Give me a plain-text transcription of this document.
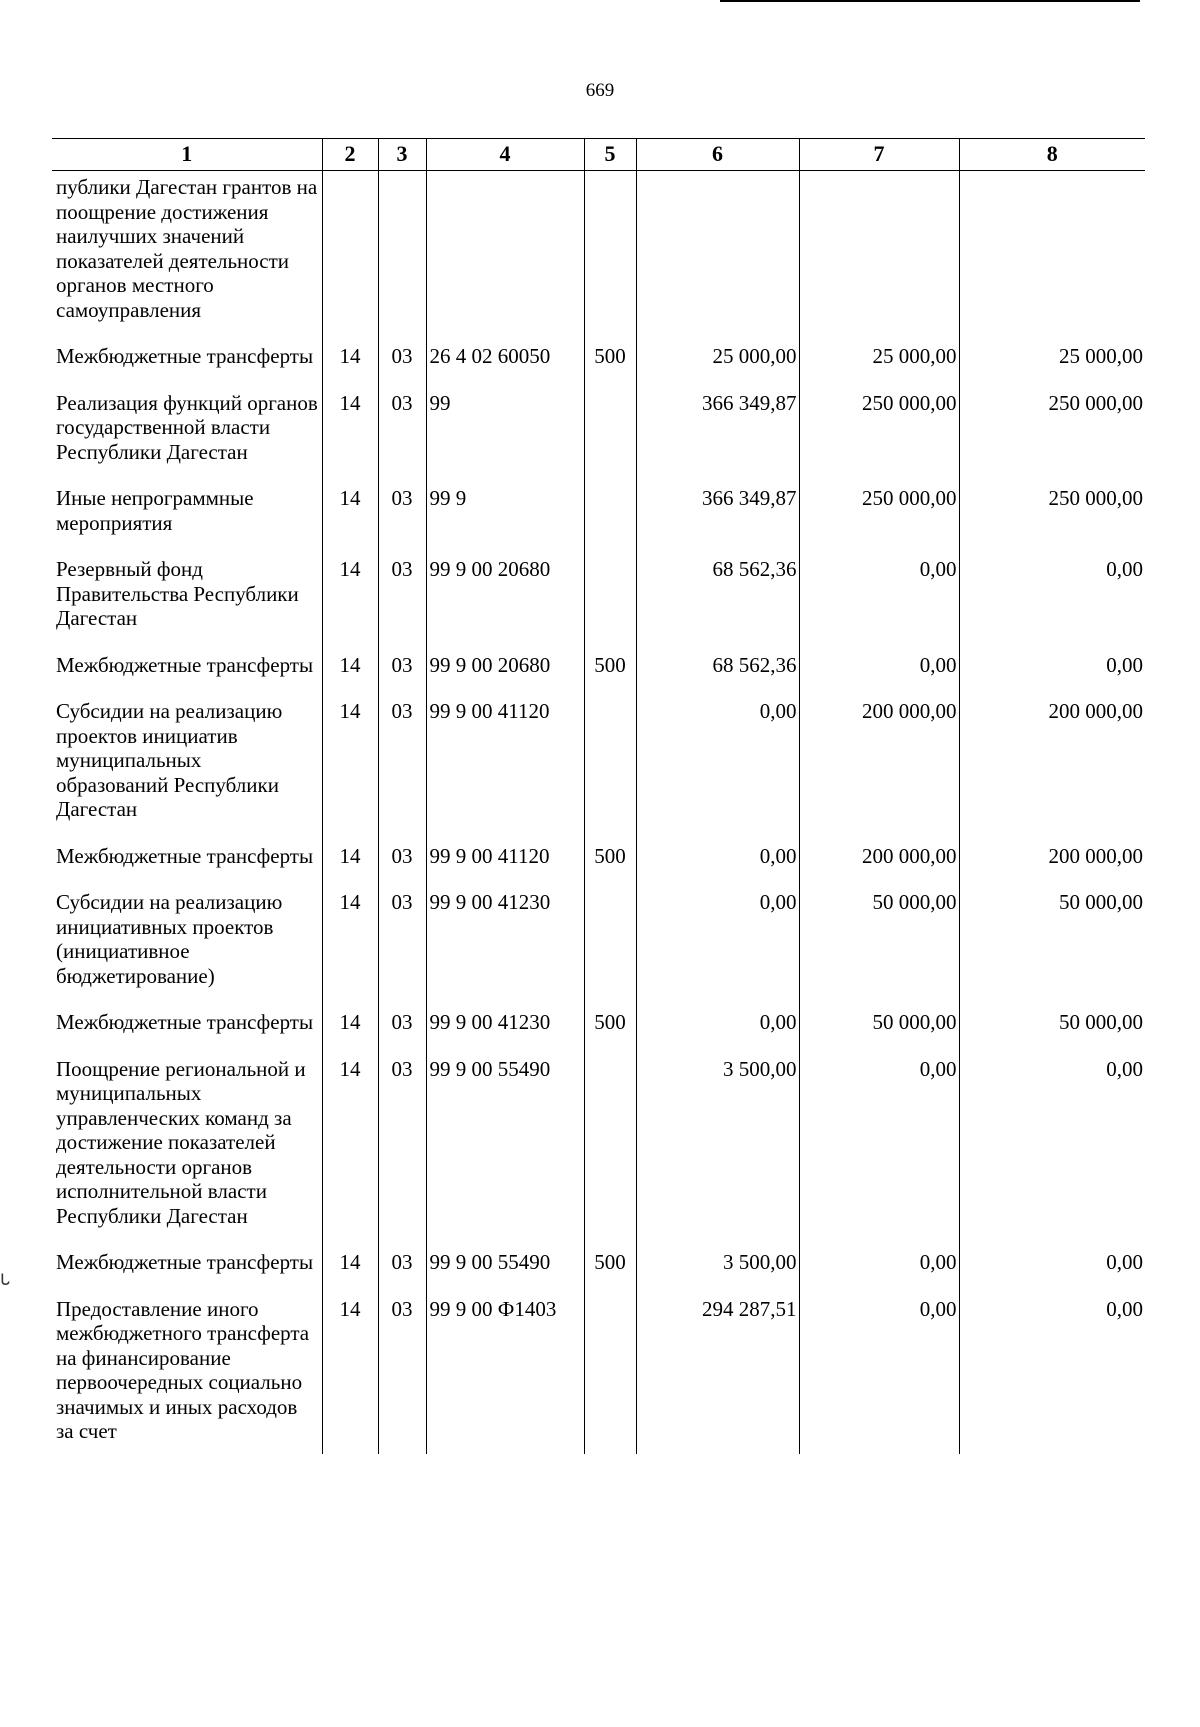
669
1	2	3	4	5	6	7	8
публики Дагестан грантов на поощрение достижения наилучших значений показателей деятельности органов местного самоуправления							
Межбюджетные трансферты	14	03	26 4 02 60050	500	25 000,00	25 000,00	25 000,00
Реализация функций органов государственной власти Республики Дагестан	14	03	99		366 349,87	250 000,00	250 000,00
Иные непрограммные мероприятия	14	03	99 9		366 349,87	250 000,00	250 000,00
Резервный фонд Правительства Республики Дагестан	14	03	99 9 00 20680		68 562,36	0,00	0,00
Межбюджетные трансферты	14	03	99 9 00 20680	500	68 562,36	0,00	0,00
Субсидии на реализацию проектов инициатив муниципальных образований Республики Дагестан	14	03	99 9 00 41120		0,00	200 000,00	200 000,00
Межбюджетные трансферты	14	03	99 9 00 41120	500	0,00	200 000,00	200 000,00
Субсидии на реализацию инициативных проектов (инициативное бюджетирование)	14	03	99 9 00 41230		0,00	50 000,00	50 000,00
Межбюджетные трансферты	14	03	99 9 00 41230	500	0,00	50 000,00	50 000,00
Поощрение региональной и муниципальных управленческих команд за достижение показателей деятельности органов исполнительной власти Республики Дагестан	14	03	99 9 00 55490		3 500,00	0,00	0,00
Межбюджетные трансферты	14	03	99 9 00 55490	500	3 500,00	0,00	0,00
Предоставление иного межбюджетного трансферта на финансирование первоочередных социально значимых и иных расходов за счет	14	03	99 9 00 Ф1403		294 287,51	0,00	0,00
ᒐ
